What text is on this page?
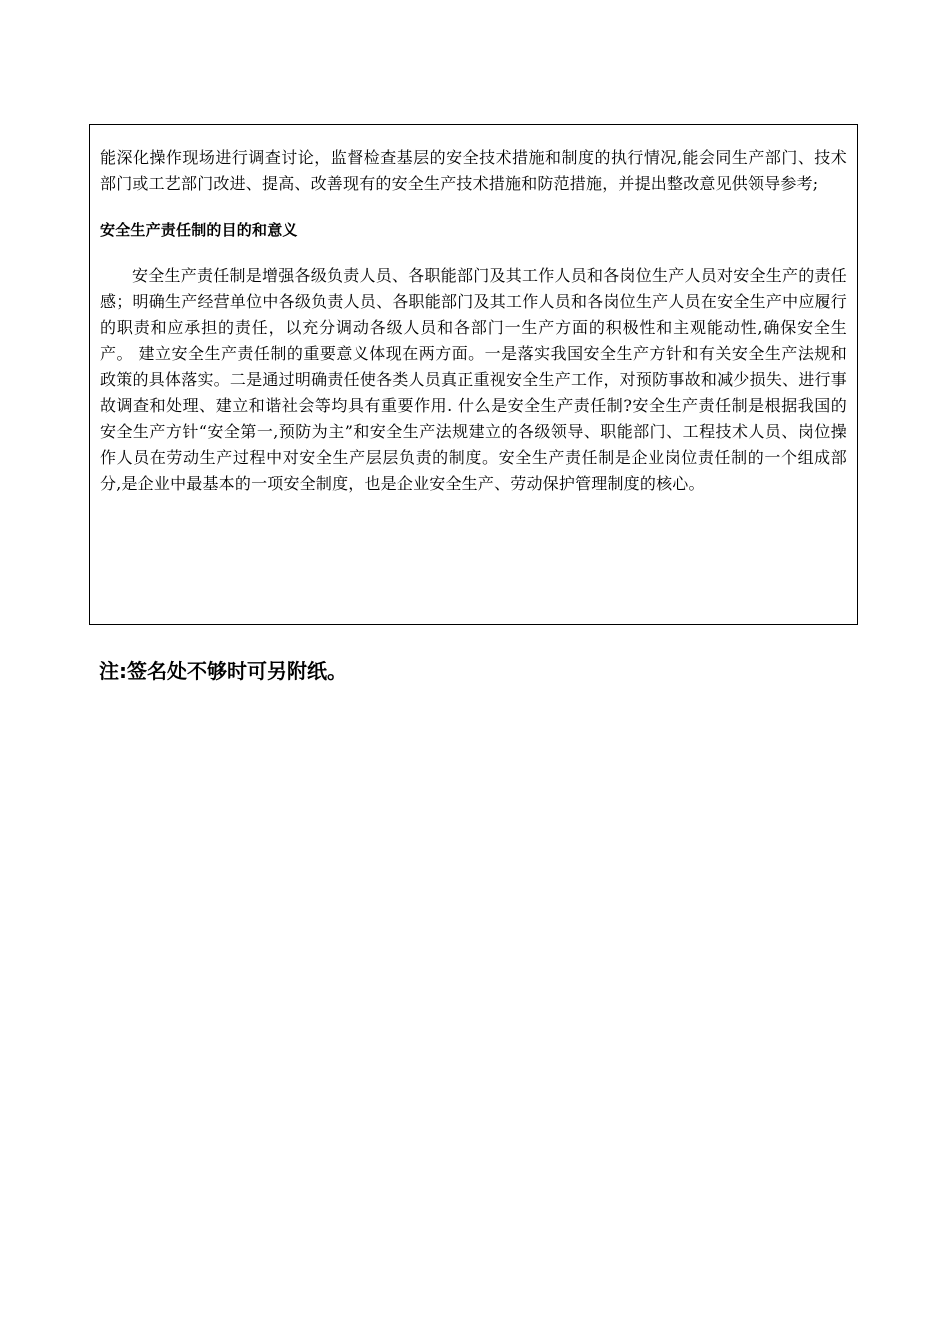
能深化操作现场进行调查讨论，监督检查基层的安全技术措施和制度的执行情况,能会同生产部门、技术部门或工艺部门改进、提高、改善现有的安全生产技术措施和防范措施，并提出整改意见供领导参考;

安全生产责任制的目的和意义

安全生产责任制是增强各级负责人员、各职能部门及其工作人员和各岗位生产人员对安全生产的责任感；明确生产经营单位中各级负责人员、各职能部门及其工作人员和各岗位生产人员在安全生产中应履行的职责和应承担的责任，以充分调动各级人员和各部门一生产方面的积极性和主观能动性,确保安全生产。 建立安全生产责任制的重要意义体现在两方面。一是落实我国安全生产方针和有关安全生产法规和政策的具体落实。二是通过明确责任使各类人员真正重视安全生产工作，对预防事故和减少损失、进行事故调查和处理、建立和谐社会等均具有重要作用. 什么是安全生产责任制?安全生产责任制是根据我国的安全生产方针“安全第一,预防为主”和安全生产法规建立的各级领导、职能部门、工程技术人员、岗位操作人员在劳动生产过程中对安全生产层层负责的制度。安全生产责任制是企业岗位责任制的一个组成部分,是企业中最基本的一项安全制度，也是企业安全生产、劳动保护管理制度的核心。

注:签名处不够时可另附纸。
